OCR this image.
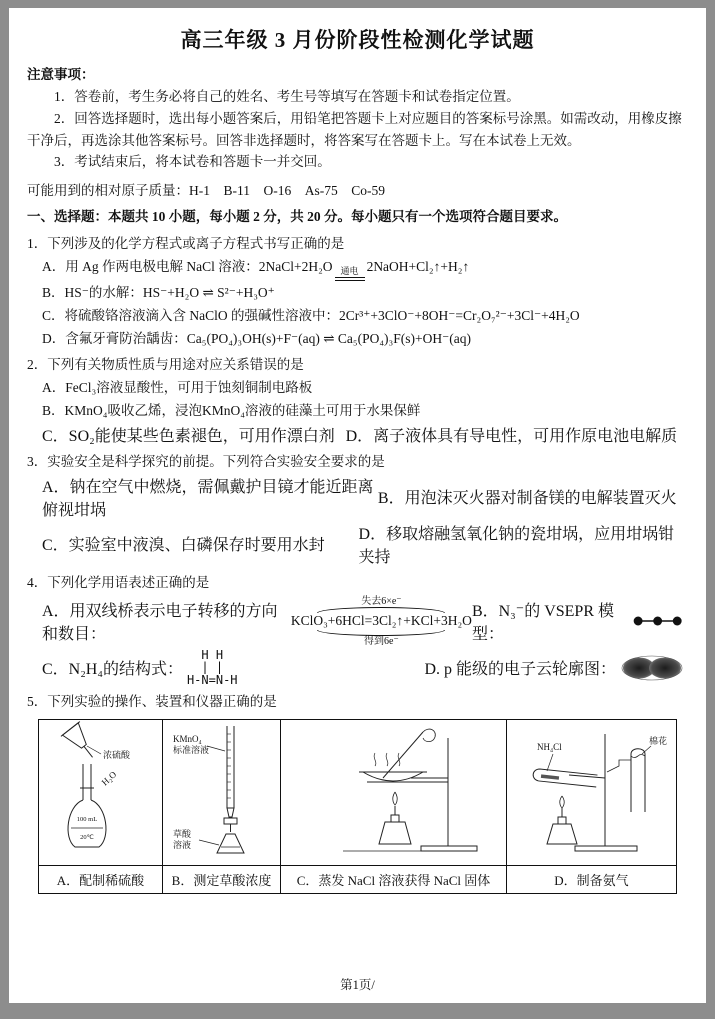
高三年级 3 月份阶段性检测化学试题

注意事项：

1．答卷前，考生务必将自己的姓名、考生号等填写在答题卡和试卷指定位置。

2．回答选择题时，选出每小题答案后，用铅笔把答题卡上对应题目的答案标号涂黑。如需改动，用橡皮擦干净后，再选涂其他答案标号。回答非选择题时，将答案写在答题卡上。写在本试卷上无效。

3．考试结束后，将本试卷和答题卡一并交回。

可能用到的相对原子质量：H-1　B-11　O-16　As-75　Co-59

一、选择题：本题共 10 小题，每小题 2 分，共 20 分。每小题只有一个选项符合题目要求。

1．下列涉及的化学方程式或离子方程式书写正确的是

A．用 Ag 作两电极电解 NaCl 溶液：2NaCl+2H₂O 通电 2NaOH+Cl₂↑+H₂↑

B．HS⁻的水解：HS⁻+H₂O ⇌ S²⁻+H₃O⁺

C．将硫酸铬溶液滴入含 NaClO 的强碱性溶液中：2Cr³⁺+3ClO⁻+8OH⁻=Cr₂O₇²⁻+3Cl⁻+4H₂O

D．含氟牙膏防治龋齿：Ca₅(PO₄)₃OH(s)+F⁻(aq) ⇌ Ca₅(PO₄)₃F(s)+OH⁻(aq)

2．下列有关物质性质与用途对应关系错误的是

A．FeCl₃溶液显酸性，可用于蚀刻铜制电路板

B．KMnO₄吸收乙烯，浸泡KMnO₄溶液的硅藻土可用于水果保鲜

C．SO₂能使某些色素褪色，可用作漂白剂 D．离子液体具有导电性，可用作原电池电解质

3．实验安全是科学探究的前提。下列符合实验安全要求的是

A．钠在空气中燃烧，需佩戴护目镜才能近距离俯视坩埚
B．用泡沫灭火器对制备镁的电解装置灭火
C．实验室中液溴、白磷保存时要用水封
D．移取熔融氢氧化钠的瓷坩埚，应用坩埚钳夹持

4．下列化学用语表述正确的是

A．用双线桥表示电子转移的方向和数目：
失去6×e⁻
KClO₃+6HCl=3Cl₂↑+KCl+3H₂O
得到6e⁻
B．N₃⁻的 VSEPR 模型：
C．N₂H₄的结构式：
H H
| |
H-N=N-H
D. p 能级的电子云轮廓图：

5．下列实验的操作、装置和仪器正确的是

浓硫酸
H₂O
100 mL
20℃	KMnO₄
标准溶液
草酸
溶液		NH₄Cl
棉花

A．配制稀硫酸	B．测定草酸浓度	C．蒸发 NaCl 溶液获得 NaCl 固体	D．制备氨气
第1页/
